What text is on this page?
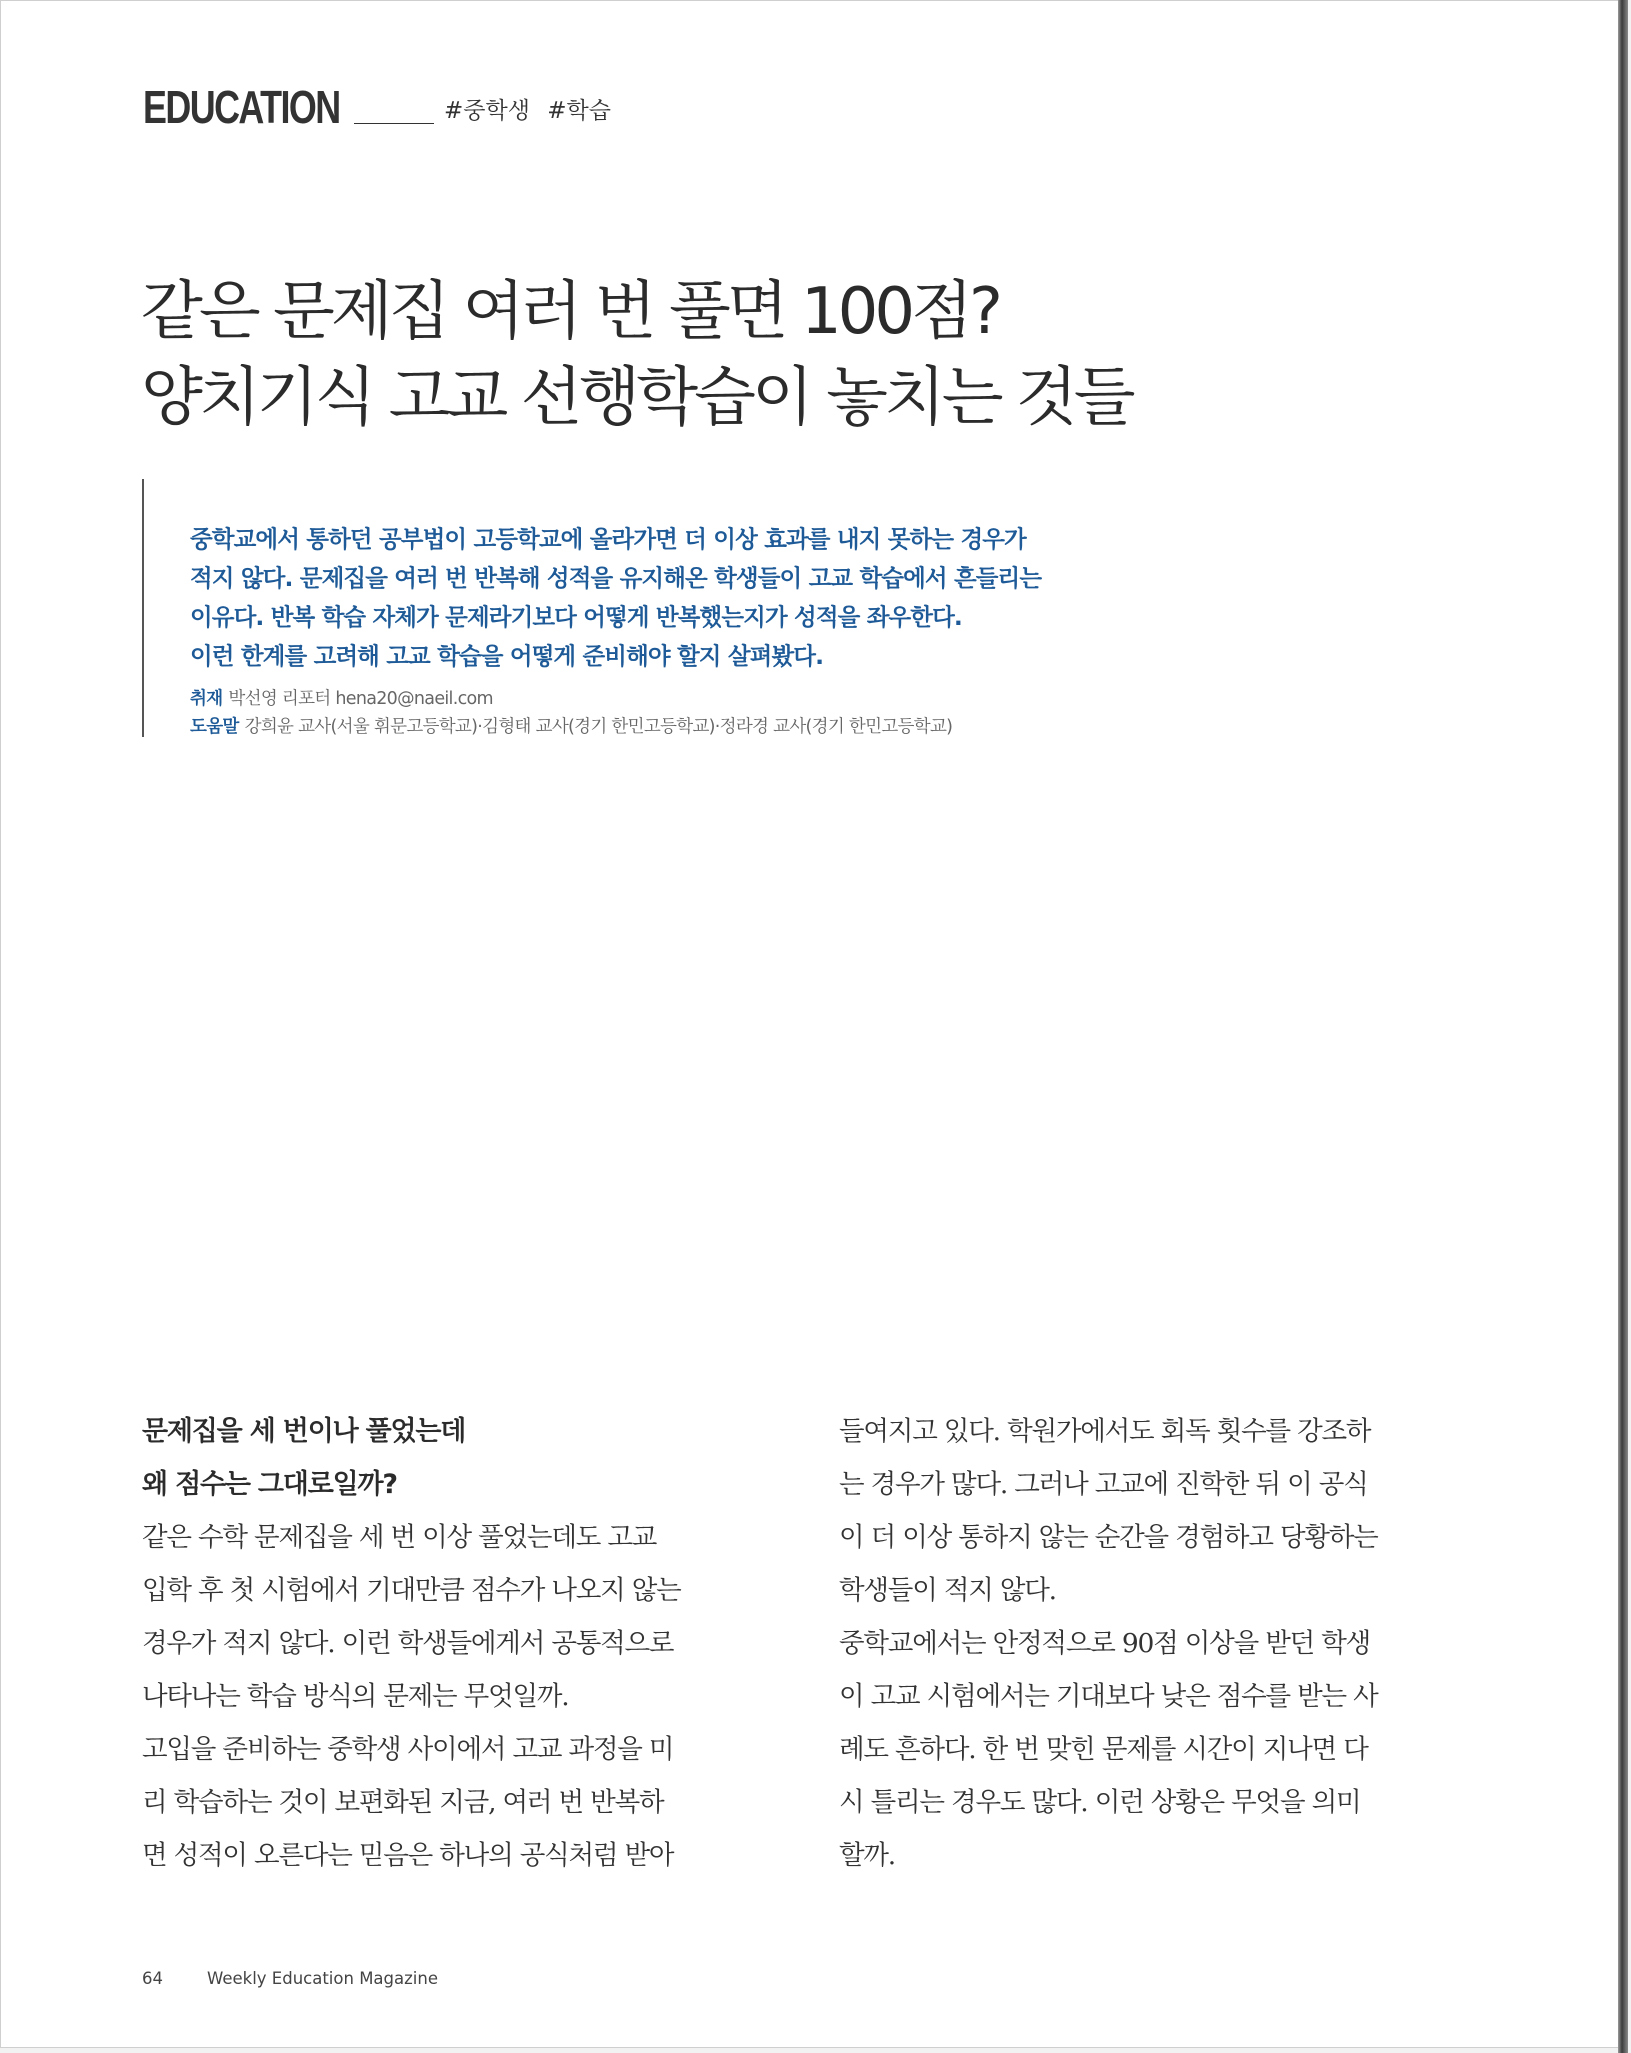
EDUCATION	#중학생 #학습
같은 문제집 여러 번 풀면 100점?
양치기식 고교 선행학습이 놓치는 것들
중학교에서 통하던 공부법이 고등학교에 올라가면 더 이상 효과를 내지 못하는 경우가
적지 않다. 문제집을 여러 번 반복해 성적을 유지해온 학생들이 고교 학습에서 흔들리는
이유다. 반복 학습 자체가 문제라기보다 어떻게 반복했는지가 성적을 좌우한다.
이런 한계를 고려해 고교 학습을 어떻게 준비해야 할지 살펴봤다.
취재 박선영 리포터 hena20@naeil.com
도움말 강희윤 교사(서울 휘문고등학교)·김형태 교사(경기 한민고등학교)·정라경 교사(경기 한민고등학교)
문제집을 세 번이나 풀었는데
왜 점수는 그대로일까?
같은 수학 문제집을 세 번 이상 풀었는데도 고교
입학 후 첫 시험에서 기대만큼 점수가 나오지 않는
경우가 적지 않다. 이런 학생들에게서 공통적으로
나타나는 학습 방식의 문제는 무엇일까.
고입을 준비하는 중학생 사이에서 고교 과정을 미
리 학습하는 것이 보편화된 지금, 여러 번 반복하
면 성적이 오른다는 믿음은 하나의 공식처럼 받아
들여지고 있다. 학원가에서도 회독 횟수를 강조하
는 경우가 많다. 그러나 고교에 진학한 뒤 이 공식
이 더 이상 통하지 않는 순간을 경험하고 당황하는
학생들이 적지 않다.
중학교에서는 안정적으로 90점 이상을 받던 학생
이 고교 시험에서는 기대보다 낮은 점수를 받는 사
례도 흔하다. 한 번 맞힌 문제를 시간이 지나면 다
시 틀리는 경우도 많다. 이런 상황은 무엇을 의미
할까.
64	Weekly Education Magazine
